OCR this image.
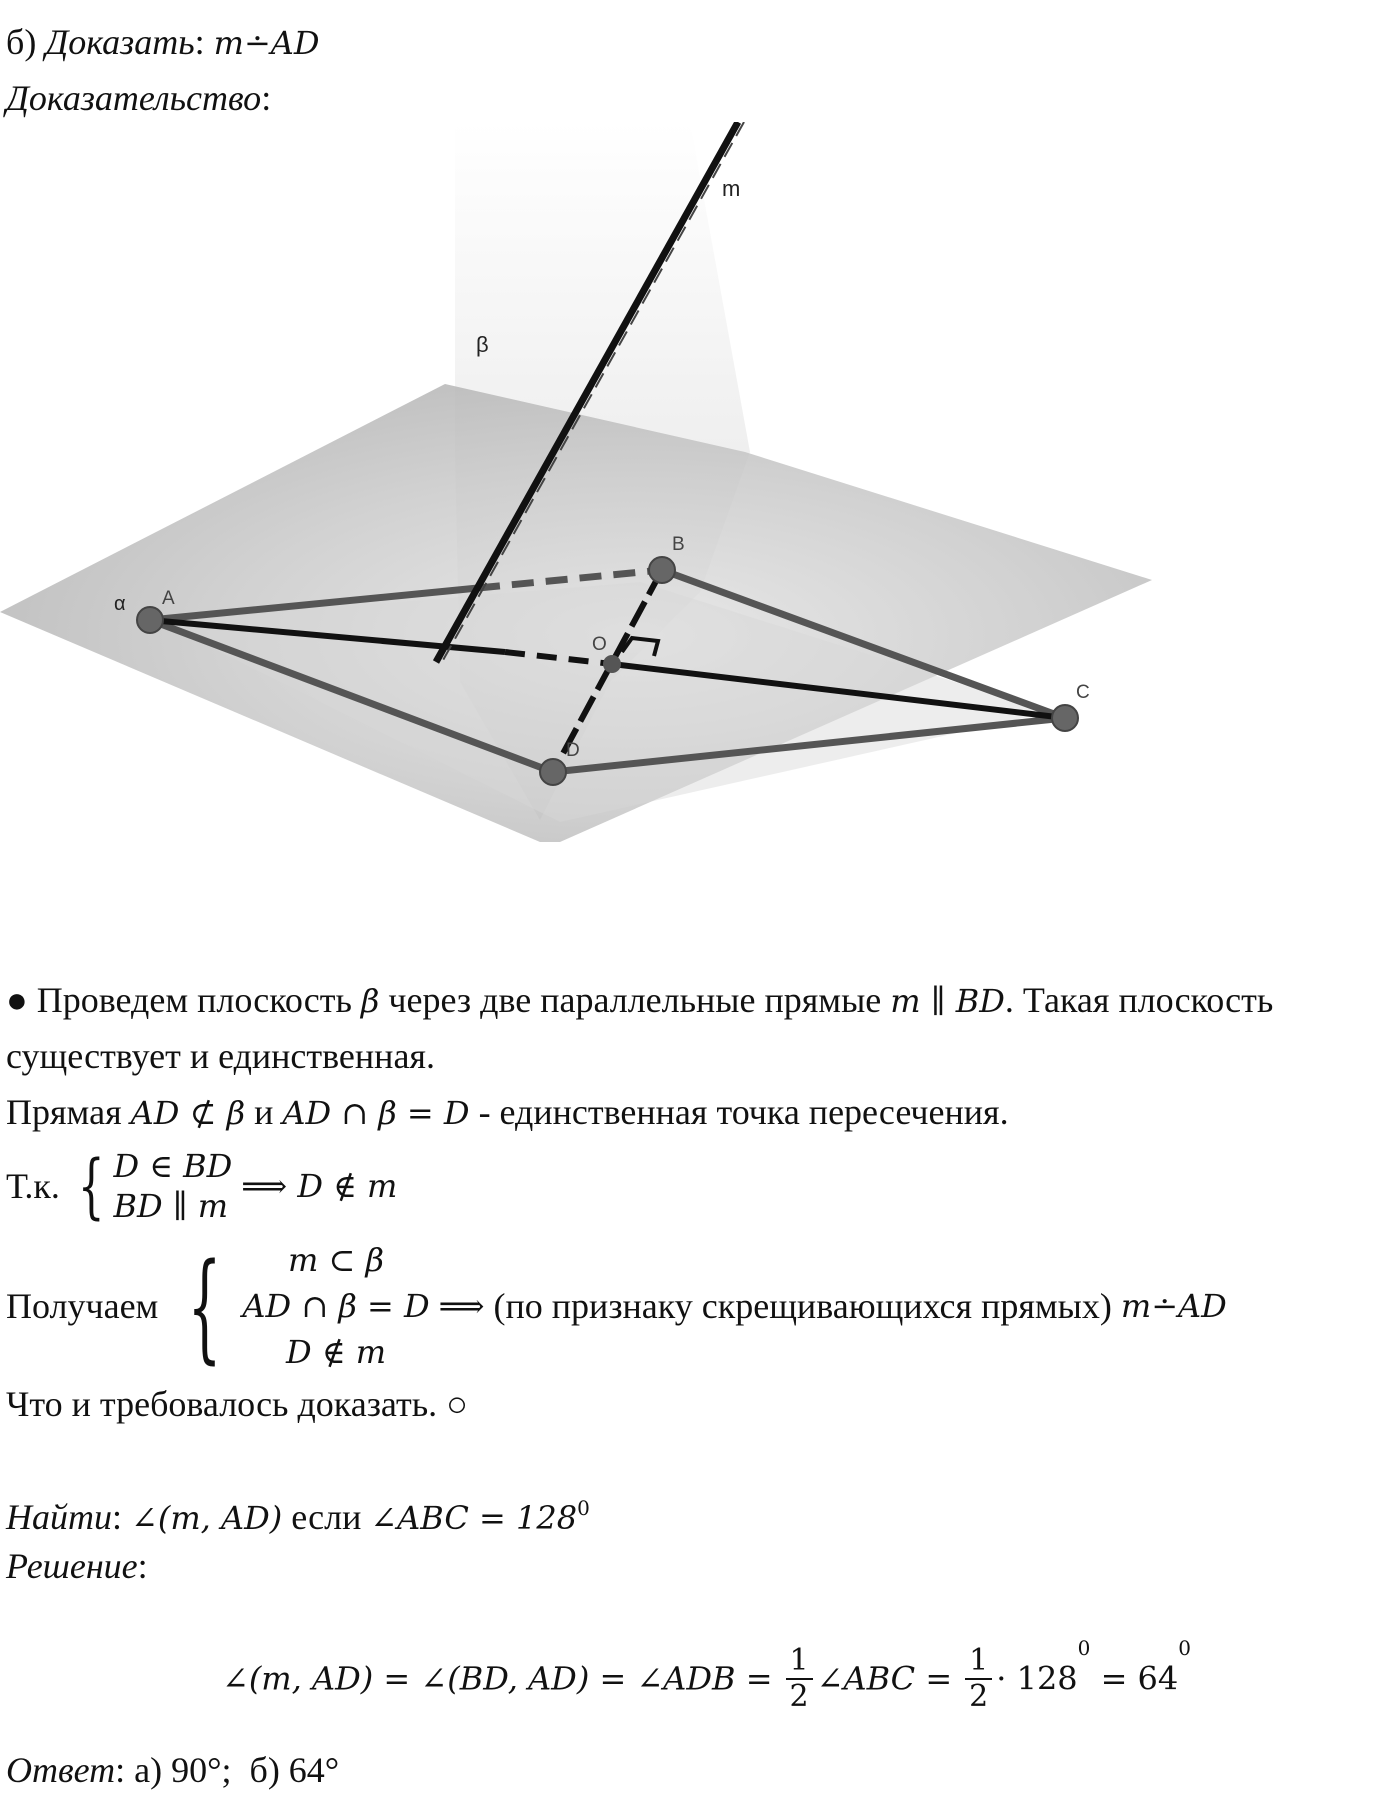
б) Доказать: m∸AD
Доказательство:
m
β
α A
B
O
C
D
● Проведем плоскость β через две параллельные прямые m ∥ BD. Такая плоскость
существует и единственная.
Прямая AD ⊄ β и AD ∩ β = D - единственная точка пересечения.
Т.к. { D ∈ BD
BD ∥ m
⟹ D ∉ m
Получаем {	m ⊂ β
AD ∩ β = D
D ∉ m
⟹ (по признаку скрещивающихся прямых) m∸AD
Что и требовалось доказать. ○
Найти: ∠(m, AD) если ∠ABC = $128^0$
Решение:
∠(m, AD) = ∠(BD, AD) = ∠ADB = $\frac{1}{2}$ ∠ABC = $\frac{1}{2} \cdot 128^0 = 64^0$
Ответ: а) 90°;  б) 64°
